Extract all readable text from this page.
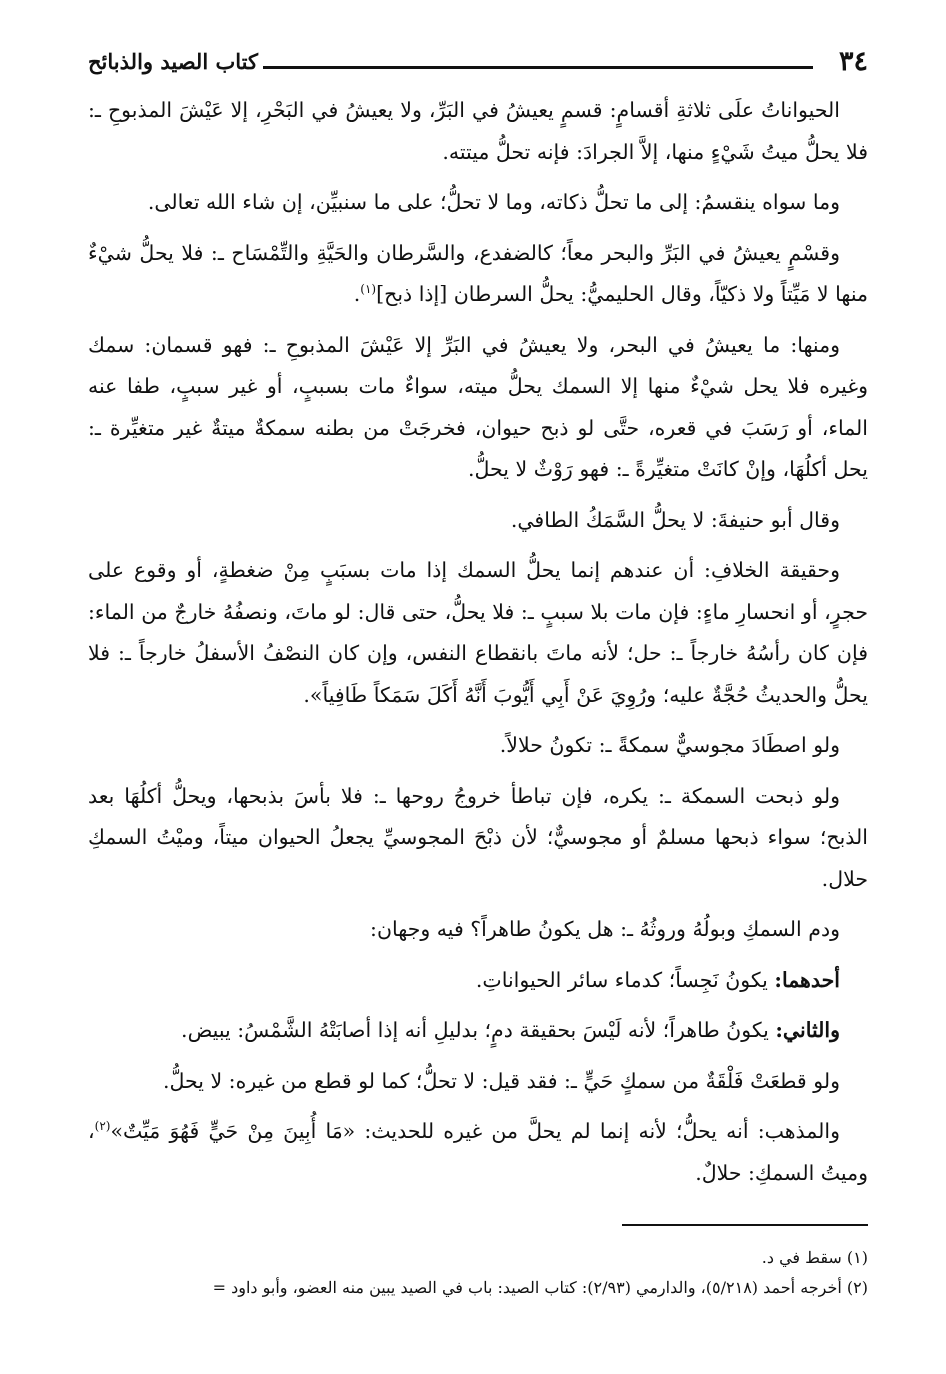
٣٤
كتاب الصيد والذبائح

الحيواناتُ علَى ثلاثةِ أقسامٍ: قسمٍ يعيشُ في البَرِّ، ولا يعيشُ في البَحْرِ، إلا عَيْشَ المذبوحِ ـ: فلا يحلُّ ميتُ شَيْءٍ منها، إلاَّ الجرادَ: فإنه تحلُّ ميتته.

وما سواه ينقسمُ: إلى ما تحلُّ ذكاته، وما لا تحلُّ؛ على ما سنبيِّن، إن شاء الله تعالى.

وقسْمٍ يعيشُ في البَرِّ والبحر معاً؛ كالضفدع، والسَّرطان والحَيَّةِ والتِّمْسَاح ـ: فلا يحلُّ شيْءٌ منها لا مَيِّتاً ولا ذكيّاً، وقال الحليميُّ: يحلُّ السرطان [إذا ذبح]$^{(١)}$.

ومنها: ما يعيشُ في البحر، ولا يعيشُ في البَرِّ إلا عَيْشَ المذبوحِ ـ: فهو قسمان: سمك وغيره فلا يحل شيْءٌ منها إلا السمك يحلُّ ميته، سواءٌ مات بسببٍ، أو غير سببٍ، طفا عنه الماء، أو رَسَبَ في قعره، حتَّى لو ذبح حيوان، فخرجَتْ من بطنه سمكةٌ ميتةٌ غير متغيِّرة ـ: يحل أكلُهَا، وإنْ كانَتْ متغيِّرةً ـ: فهو رَوْثٌ لا يحلُّ.

وقال أبو حنيفةَ: لا يحلُّ السَّمَكُ الطافي.

وحقيقة الخلافِ: أن عندهم إنما يحلُّ السمك إذا مات بسبَبٍ مِنْ ضغطةٍ، أو وقوع على حجرٍ، أو انحسارِ ماءٍ: فإن مات بلا سببٍ ـ: فلا يحلُّ، حتى قال: لو ماتَ، ونصفُهُ خارجٌ من الماء: فإن كان رأسُهُ خارجاً ـ: حل؛ لأنه ماتَ بانقطاع النفس، وإن كان النصْفُ الأسفلُ خارجاً ـ: فلا يحلُّ والحديثُ حُجَّةٌ عليه؛ ورُوِيَ عَنْ أَبِي أَيُّوبَ أَنَّهُ أَكَلَ سَمَكاً طَافِياً».

ولو اصطَادَ مجوسيٌّ سمكةً ـ: تكونُ حلالاً.

ولو ذبحت السمكة ـ: يكره، فإن تباطأ خروجُ روحها ـ: فلا بأسَ بذبحها، ويحلُّ أكلُهَا بعد الذبح؛ سواء ذبحها مسلمٌ أو مجوسيٌّ؛ لأن ذبْحَ المجوسيِّ يجعلُ الحيوان ميتاً، وميْتُ السمكِ حلال.

ودم السمكِ وبولُهُ وروثُهُ ـ: هل يكونُ طاهراً؟ فيه وجهان:

أحدهما: يكونُ نَجِساً؛ كدماء سائر الحيواناتِ.

والثاني: يكونُ طاهراً؛ لأنه لَيْسَ بحقيقة دمٍ؛ بدليلِ أنه إذا أصابَتْهُ الشَّمْسُ: يبيض.

ولو قطعَتْ فَلْقَةٌ من سمكٍ حَيٍّ ـ: فقد قيل: لا تحلُّ؛ كما لو قطع من غيره: لا يحلُّ.

والمذهب: أنه يحلُّ؛ لأنه إنما لم يحلَّ من غيره للحديث: «مَا أُبِينَ مِنْ حَيٍّ فَهُوَ مَيِّتٌ»$^{(٢)}$، وميتُ السمكِ: حلالٌ.

(١) سقط في د.

(٢) أخرجه أحمد (٥/٢١٨)، والدارمي (٢/٩٣): كتاب الصيد: باب في الصيد يبين منه العضو، وأبو داود =
